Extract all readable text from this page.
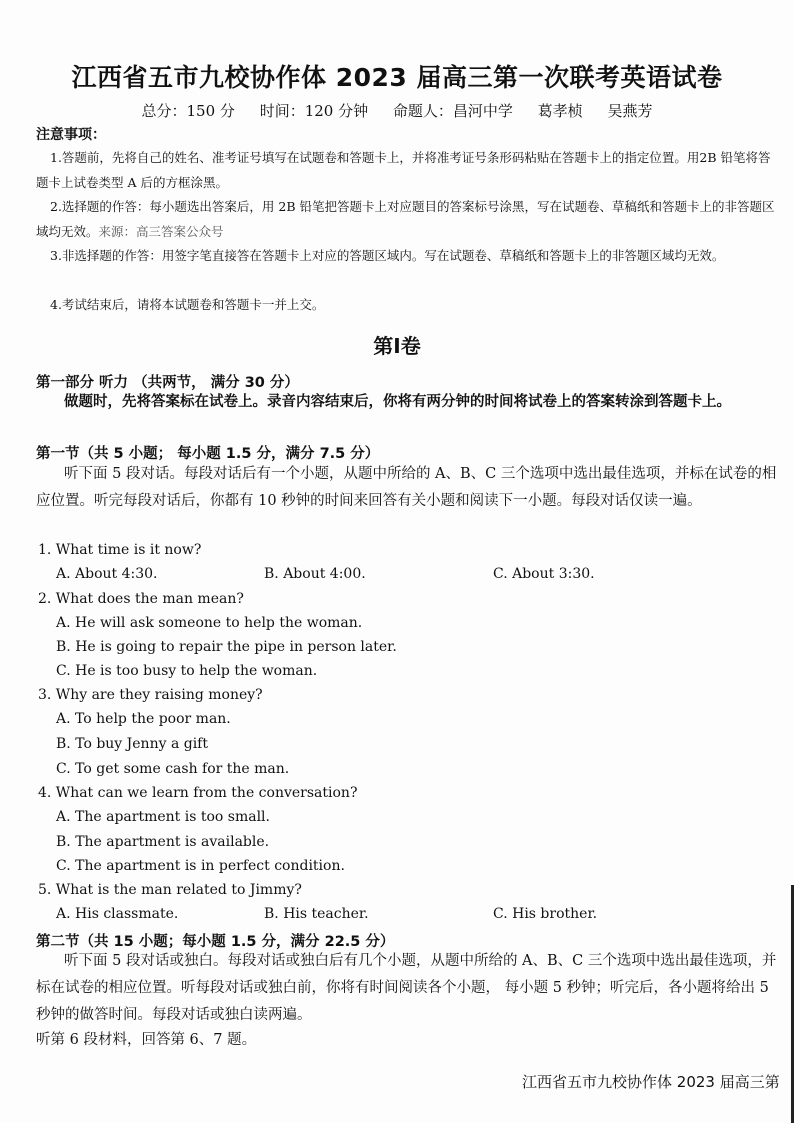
江西省五市九校协作体 2023 届高三第一次联考英语试卷
总分：150 分 时间：120 分钟 命题人：昌河中学 葛孝桢 吴燕芳
注意事项：
1.答题前，先将自己的姓名、准考证号填写在试题卷和答题卡上，并将准考证号条形码粘贴在答题卡上的指定位置。用2B 铅笔将答题卡上试卷类型 A 后的方框涂黑。
2.选择题的作答：每小题选出答案后，用 2B 铅笔把答题卡上对应题目的答案标号涂黑，写在试题卷、草稿纸和答题卡上的非答题区域均无效。来源：高三答案公众号
3.非选择题的作答：用签字笔直接答在答题卡上对应的答题区域内。写在试题卷、草稿纸和答题卡上的非答题区域均无效。
4.考试结束后，请将本试题卷和答题卡一并上交。
第Ⅰ卷
第一部分 听力 （共两节， 满分 30 分）
做题时，先将答案标在试卷上。录音内容结束后，你将有两分钟的时间将试卷上的答案转涂到答题卡上。
第一节（共 5 小题； 每小题 1.5 分，满分 7.5 分）
听下面 5 段对话。每段对话后有一个小题，从题中所给的 A、B、C 三个选项中选出最佳选项，并标在试卷的相应位置。听完每段对话后，你都有 10 秒钟的时间来回答有关小题和阅读下一小题。每段对话仅读一遍。
1. What time is it now?
A. About 4:30.	B. About 4:00.	C. About 3:30.
2. What does the man mean?
A. He will ask someone to help the woman.
B. He is going to repair the pipe in person later.
C. He is too busy to help the woman.
3. Why are they raising money?
A. To help the poor man.
B. To buy Jenny a gift
C. To get some cash for the man.
4. What can we learn from the conversation?
A. The apartment is too small.
B. The apartment is available.
C. The apartment is in perfect condition.
5. What is the man related to Jimmy?
A. His classmate.	B. His teacher.	C. His brother.
第二节（共 15 小题；每小题 1.5 分，满分 22.5 分）
听下面 5 段对话或独白。每段对话或独白后有几个小题，从题中所给的 A、B、C 三个选项中选出最佳选项，并标在试卷的相应位置。听每段对话或独白前，你将有时间阅读各个小题， 每小题 5 秒钟；听完后，各小题将给出 5 秒钟的做答时间。每段对话或独白读两遍。
听第 6 段材料，回答第 6、7 题。
江西省五市九校协作体 2023 届高三第
